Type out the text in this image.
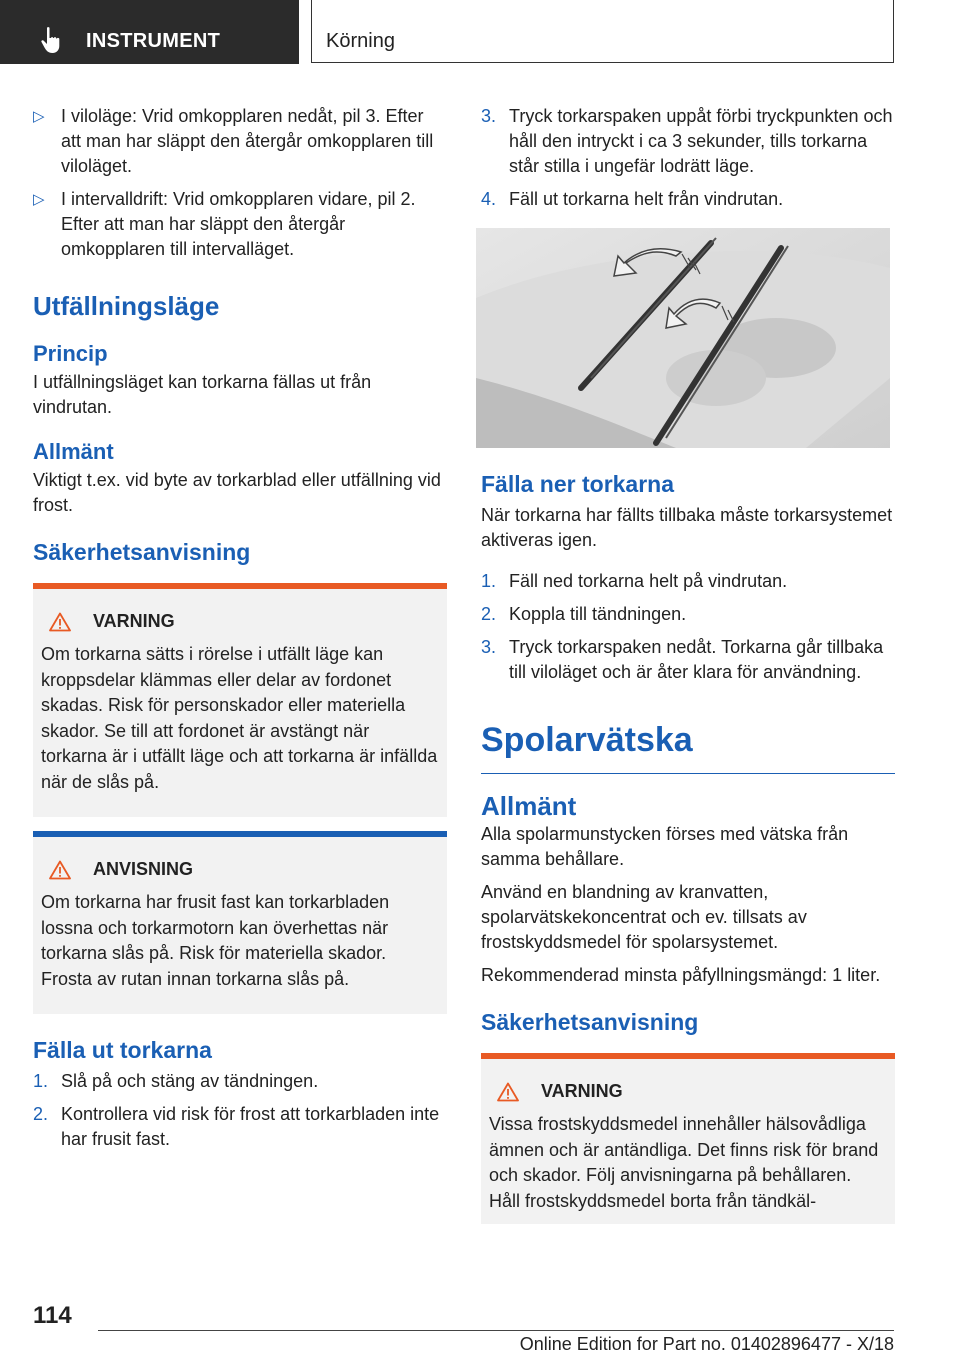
INSTRUMENT	Körning
▷ I viloläge: Vrid omkopplaren nedåt, pil 3. Efter att man har släppt den återgår omkopplaren till viloläget.
▷ I intervalldrift: Vrid omkopplaren vidare, pil 2. Efter att man har släppt den återgår omkopplaren till intervalläget.
Utfällningsläge
Princip

I utfällningsläget kan torkarna fällas ut från vindrutan.

Allmänt

Viktigt t.ex. vid byte av torkarblad eller utfällning vid frost.

Säkerhetsanvisning
VARNING
Om torkarna sätts i rörelse i utfällt läge kan kroppsdelar klämmas eller delar av fordonet skadas. Risk för personskador eller materiella skador. Se till att fordonet är avstängt när torkarna är i utfällt läge och att torkarna är infällda när de slås på.
ANVISNING
Om torkarna har frusit fast kan torkarbladen lossna och torkarmotorn kan överhettas när torkarna slås på. Risk för materiella skador. Frosta av rutan innan torkarna slås på.
Fälla ut torkarna
1. Slå på och stäng av tändningen.
2. Kontrollera vid risk för frost att torkarbladen inte har frusit fast.
3. Tryck torkarspaken uppåt förbi tryckpunkten och håll den intryckt i ca 3 sekunder, tills torkarna står stilla i ungefär lodrätt läge.
4. Fäll ut torkarna helt från vindrutan.
Fälla ner torkarna

När torkarna har fällts tillbaka måste torkarsystemet aktiveras igen.

1. Fäll ned torkarna helt på vindrutan.
2. Koppla till tändningen.
3. Tryck torkarspaken nedåt. Torkarna går tillbaka till viloläget och är åter klara för användning.
Spolarvätska
Allmänt

Alla spolarmunstycken förses med vätska från samma behållare.

Använd en blandning av kranvatten, spolarvätskekoncentrat och ev. tillsats av frostskyddsmedel för spolarsystemet.

Rekommenderad minsta påfyllningsmängd: 1 liter.

Säkerhetsanvisning
VARNING
Vissa frostskyddsmedel innehåller hälsovådliga ämnen och är antändliga. Det finns risk för brand och skador. Följ anvisningarna på behållaren. Håll frostskyddsmedel borta från tändkäl-
114
Online Edition for Part no. 01402896477 - X/18
